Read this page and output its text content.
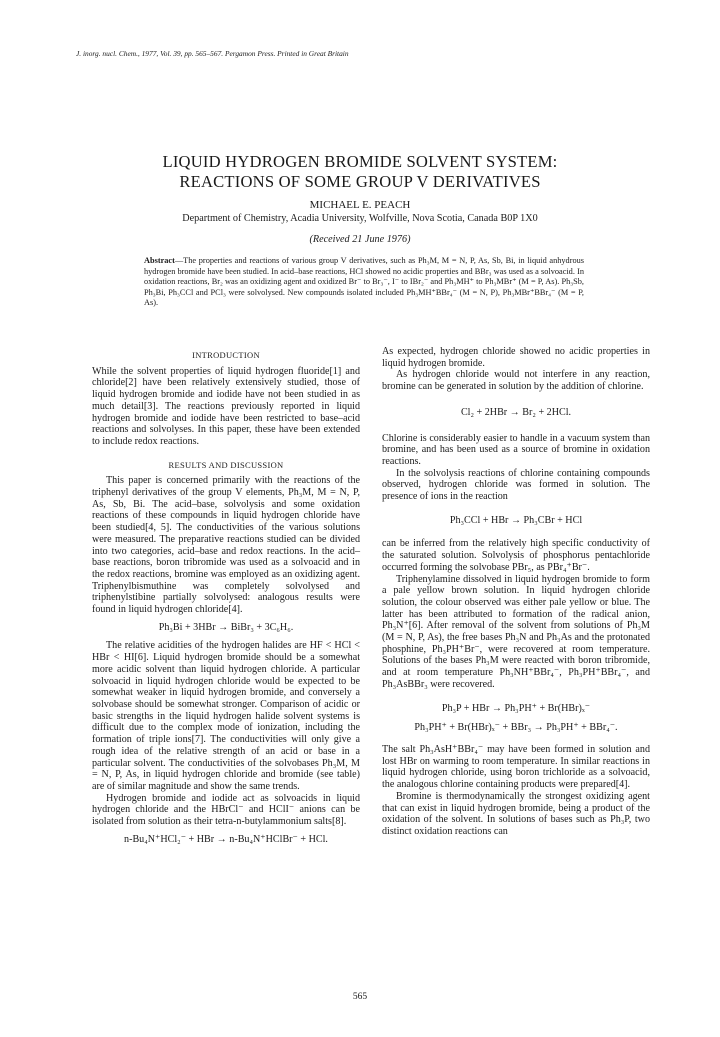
J. inorg. nucl. Chem., 1977, Vol. 39, pp. 565–567. Pergamon Press. Printed in Great Britain
LIQUID HYDROGEN BROMIDE SOLVENT SYSTEM:
REACTIONS OF SOME GROUP V DERIVATIVES
MICHAEL E. PEACH
Department of Chemistry, Acadia University, Wolfville, Nova Scotia, Canada B0P 1X0
(Received 21 June 1976)
Abstract—The properties and reactions of various group V derivatives, such as Ph₃M, M = N, P, As, Sb, Bi, in liquid anhydrous hydrogen bromide have been studied. In acid–base reactions, HCl showed no acidic properties and BBr₃ was used as a solvoacid. In oxidation reactions, Br₂ was an oxidizing agent and oxidized Br⁻ to Br₃⁻, I⁻ to IBr₂⁻ and Ph₃MH⁺ to Ph₃MBr⁺ (M = P, As). Ph₃Sb, Ph₃Bi, Ph₃CCl and PCl₃ were solvolysed. New compounds isolated included Ph₃MH⁺BBr₄⁻ (M = N, P), Ph₃MBr⁺BBr₄⁻ (M = P, As).
INTRODUCTION

While the solvent properties of liquid hydrogen fluoride[1] and chloride[2] have been relatively extensively studied, those of liquid hydrogen bromide and iodide have not been studied in as much detail[3]. The reactions previously reported in liquid hydrogen bromide and iodide have been restricted to base–acid reactions and solvolyses. In this paper, these have been extended to include redox reactions.

RESULTS AND DISCUSSION

This paper is concerned primarily with the reactions of the triphenyl derivatives of the group V elements, Ph₃M, M = N, P, As, Sb, Bi. The acid–base, solvolysis and some oxidation reactions of these compounds in liquid hydrogen chloride have been studied[4, 5]. The conductivities of the various solutions were measured. The preparative reactions studied can be divided into two categories, acid–base and redox reactions. In the acid–base reactions, boron tribromide was used as a solvoacid and in the redox reactions, bromine was employed as an oxidizing agent. Triphenylbismuthine was completely solvolysed and triphenylstibine partially solvolysed: analogous results were found in liquid hydrogen chloride[4].

Ph₃Bi + 3HBr → BiBr₃ + 3C₆H₆.

The relative acidities of the hydrogen halides are HF < HCl < HBr < HI[6]. Liquid hydrogen bromide should be a somewhat more acidic solvent than liquid hydrogen chloride. A particular solvoacid in liquid hydrogen chloride would be expected to be somewhat weaker in liquid hydrogen bromide, and conversely a solvobase should be somewhat stronger. Comparison of acidic or basic strengths in the liquid hydrogen halide solvent systems is difficult due to the complex mode of ionization, including the formation of triple ions[7]. The conductivities will only give a rough idea of the relative strength of an acid or base in a particular solvent. The conductivities of the solvobases Ph₃M, M = N, P, As, in liquid hydrogen chloride and bromide (see table) are of similar magnitude and show the same trends.

Hydrogen bromide and iodide act as solvoacids in liquid hydrogen chloride and the HBrCl⁻ and HClI⁻ anions can be isolated from solution as their tetra-n-butylammonium salts[8].

n-Bu₄N⁺HCl₂⁻ + HBr → n-Bu₄N⁺HClBr⁻ + HCl.

As expected, hydrogen chloride showed no acidic properties in liquid hydrogen bromide.

As hydrogen chloride would not interfere in any reaction, bromine can be generated in solution by the addition of chlorine.

Cl₂ + 2HBr → Br₂ + 2HCl.

Chlorine is considerably easier to handle in a vacuum system than bromine, and has been used as a source of bromine in oxidation reactions.

In the solvolysis reactions of chlorine containing compounds observed, hydrogen chloride was formed in solution. The presence of ions in the reaction

Ph₃CCl + HBr → Ph₃CBr + HCl

can be inferred from the relatively high specific conductivity of the saturated solution. Solvolysis of phosphorus pentachloride occurred forming the solvobase PBr₅, as PBr₄⁺Br⁻.

Triphenylamine dissolved in liquid hydrogen bromide to form a pale yellow brown solution. In liquid hydrogen chloride solution, the colour observed was either pale yellow or blue. The latter has been attributed to formation of the radical anion, Ph₃N⁺[6]. After removal of the solvent from solutions of Ph₃M (M = N, P, As), the free bases Ph₃N and Ph₃As and the protonated phosphine, Ph₃PH⁺Br⁻, were recovered at room temperature. Solutions of the bases Ph₃M were reacted with boron tribromide, and at room temperature Ph₃NH⁺BBr₄⁻, Ph₃PH⁺BBr₄⁻, and Ph₃AsBBr₃ were recovered.

Ph₃P + HBr → Ph₃PH⁺ + Br(HBr)ₓ⁻
Ph₃PH⁺ + Br(HBr)ₓ⁻ + BBr₃ → Ph₃PH⁺ + BBr₄⁻.

The salt Ph₃AsH⁺BBr₄⁻ may have been formed in solution and lost HBr on warming to room temperature. In similar reactions in liquid hydrogen chloride, using boron trichloride as a solvoacid, the analogous chlorine containing products were prepared[4].

Bromine is thermodynamically the strongest oxidizing agent that can exist in liquid hydrogen bromide, being a product of the oxidation of the solvent. In solutions of bases such as Ph₃P, two distinct oxidation reactions can

565
